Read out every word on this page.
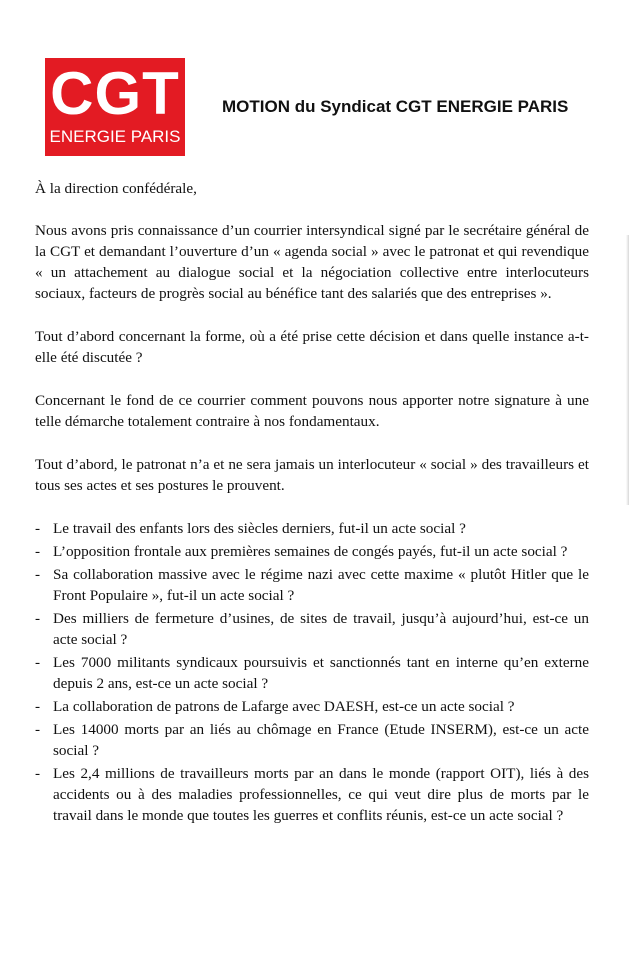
CGT
ENERGIE PARIS
MOTION du Syndicat CGT ENERGIE PARIS

À la direction confédérale,

Nous avons pris connaissance d’un courrier intersyndical signé par le secrétaire général de la CGT et demandant l’ouverture d’un « agenda social » avec le patronat et qui revendique « un attachement au dialogue social et la négociation collective entre interlocuteurs sociaux, facteurs de progrès social au bénéfice tant des salariés que des entreprises ».

Tout d’abord concernant la forme, où a été prise cette décision et dans quelle instance a-t-elle été discutée ?

Concernant le fond de ce courrier comment pouvons nous apporter notre signature à une telle démarche totalement contraire à nos fondamentaux.

Tout d’abord, le patronat n’a et ne sera jamais un interlocuteur « social » des travailleurs et tous ses actes et ses postures le prouvent.

- Le travail des enfants lors des siècles derniers, fut-il un acte social ?
- L’opposition frontale aux premières semaines de congés payés, fut-il un acte social ?
- Sa collaboration massive avec le régime nazi avec cette maxime « plutôt Hitler que le Front Populaire », fut-il un acte social ?
- Des milliers de fermeture d’usines, de sites de travail, jusqu’à aujourd’hui, est-ce un acte social ?
- Les 7000 militants syndicaux poursuivis et sanctionnés tant en interne qu’en externe depuis 2 ans, est-ce un acte social ?
- La collaboration de patrons de Lafarge avec DAESH, est-ce un acte social ?
- Les 14000 morts par an liés au chômage en France (Etude INSERM), est-ce un acte social ?
- Les 2,4 millions de travailleurs morts par an dans le monde (rapport OIT), liés à des accidents ou à des maladies professionnelles, ce qui veut dire plus de morts par le travail dans le monde que toutes les guerres et conflits réunis, est-ce un acte social ?
